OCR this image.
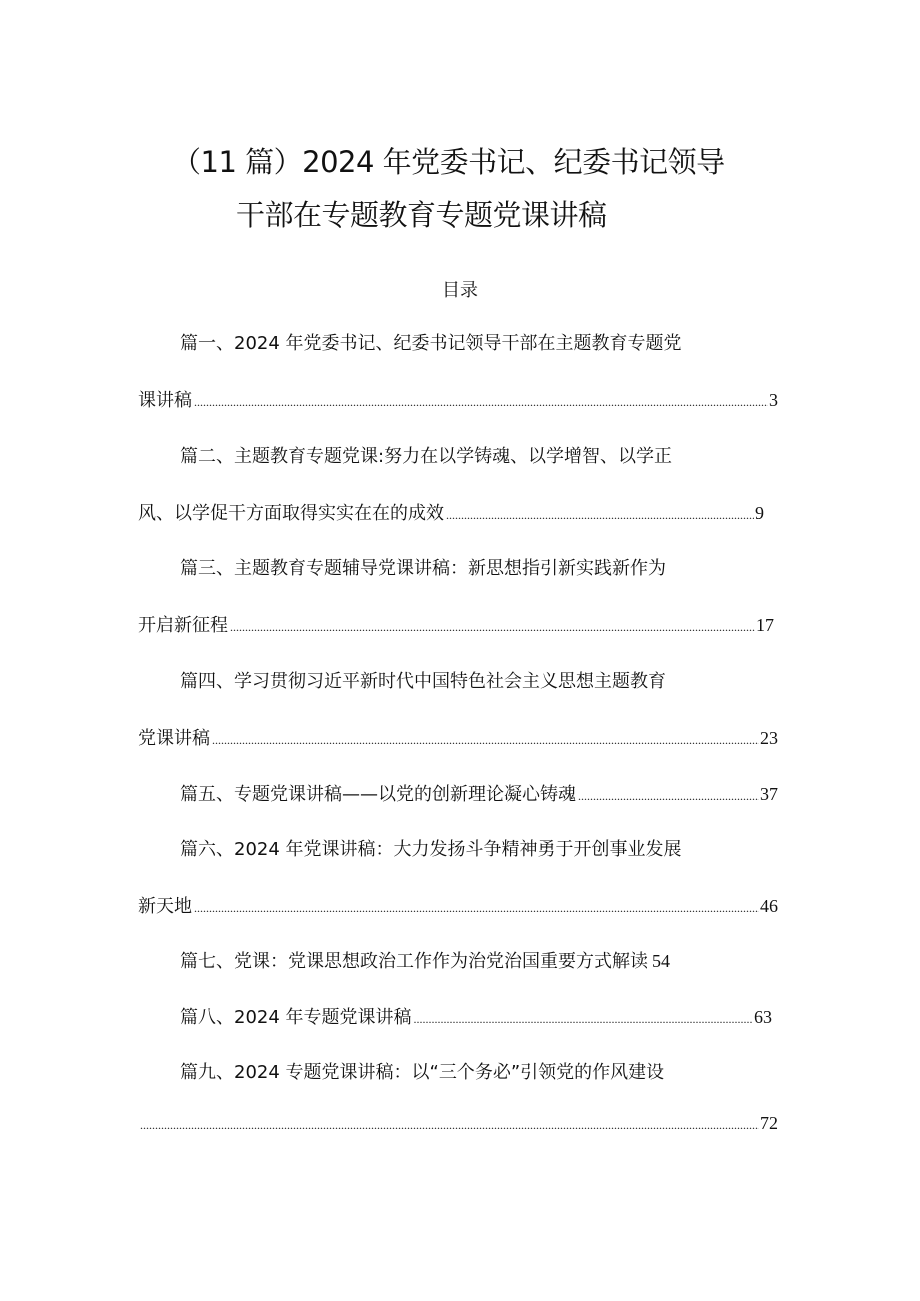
（11 篇）2024 年党委书记、纪委书记领导
干部在专题教育专题党课讲稿
目录
篇一、2024 年党委书记、纪委书记领导干部在主题教育专题党
课讲稿 .....	3
篇二、主题教育专题党课:努力在以学铸魂、以学增智、以学正
风、以学促干方面取得实实在在的成效 .....	9
篇三、主题教育专题辅导党课讲稿：新思想指引新实践新作为
开启新征程 .....	17
篇四、学习贯彻习近平新时代中国特色社会主义思想主题教育
党课讲稿 .....	23
篇五、专题党课讲稿——以党的创新理论凝心铸魂 .....	37
篇六、2024 年党课讲稿：大力发扬斗争精神勇于开创事业发展
新天地 .....	46
篇七、党课：党课思想政治工作作为治党治国重要方式解读 54
篇八、2024 年专题党课讲稿 .....	63
篇九、2024 专题党课讲稿：以“三个务必”引领党的作风建设
.....
72
